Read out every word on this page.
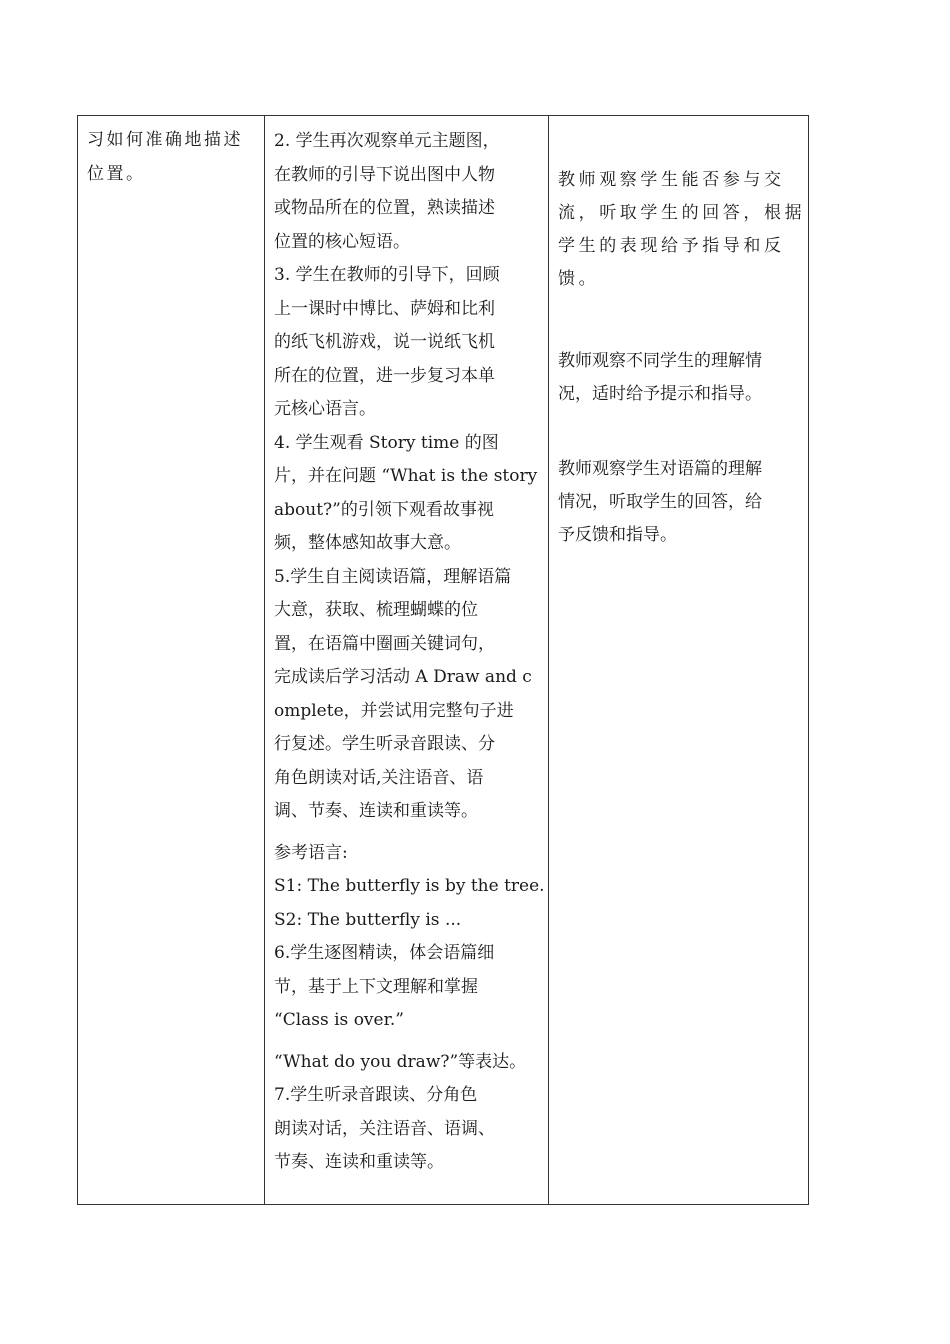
习如何准确地描述
位置。
2. 学生再次观察单元主题图，
在教师的引导下说出图中人物
或物品所在的位置，熟读描述
位置的核心短语。
3. 学生在教师的引导下，回顾
上一课时中博比、萨姆和比利
的纸飞机游戏，说一说纸飞机
所在的位置，进一步复习本单
元核心语言。
4. 学生观看 Story time 的图
片，并在问题 “What is the story
about?”的引领下观看故事视
频，整体感知故事大意。
5.学生自主阅读语篇，理解语篇
大意，获取、梳理蝴蝶的位
置，在语篇中圈画关键词句，
完成读后学习活动 A Draw and c
omplete，并尝试用完整句子进
行复述。学生听录音跟读、分
角色朗读对话,关注语音、语
调、节奏、连读和重读等。
参考语言:
S1: The butterfly is by the tree.
S2: The butterfly is ...
6.学生逐图精读，体会语篇细
节，基于上下文理解和掌握
“Class is over.”
“What do you draw?”等表达。
7.学生听录音跟读、分角色
朗读对话，关注语音、语调、
节奏、连读和重读等。
教师观察学生能否参与交
流，听取学生的回答，根据
学生的表现给予指导和反
馈。
教师观察不同学生的理解情
况，适时给予提示和指导。
教师观察学生对语篇的理解
情况，听取学生的回答，给
予反馈和指导。
